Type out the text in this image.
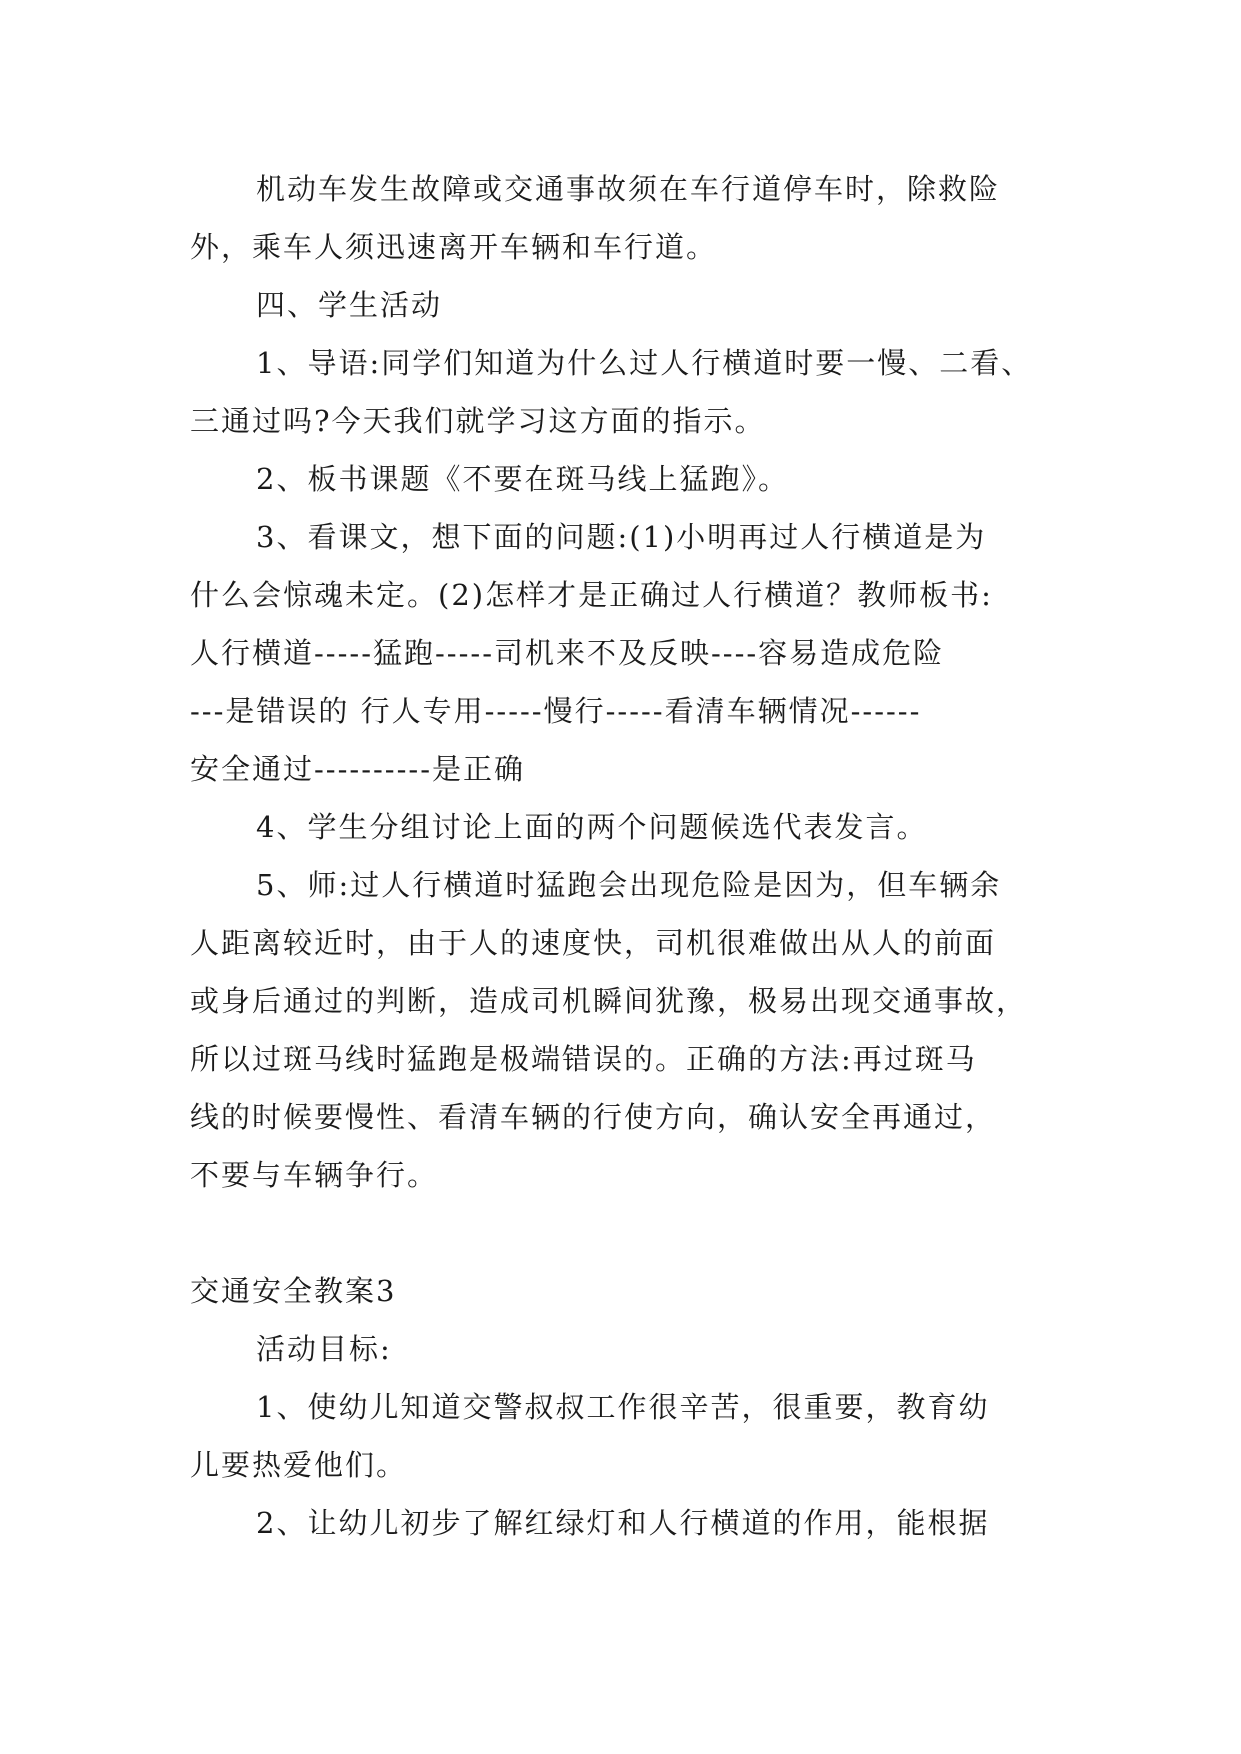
机动车发生故障或交通事故须在车行道停车时，除救险
外，乘车人须迅速离开车辆和车行道。
四、学生活动
1、导语:同学们知道为什么过人行横道时要一慢、二看、
三通过吗?今天我们就学习这方面的指示。
2、板书课题《不要在斑马线上猛跑》。
3、看课文，想下面的问题:(1)小明再过人行横道是为
什么会惊魂未定。(2)怎样才是正确过人行横道？教师板书:
人行横道-----猛跑-----司机来不及反映----容易造成危险
---是错误的 行人专用-----慢行-----看清车辆情况------
安全通过----------是正确
4、学生分组讨论上面的两个问题候选代表发言。
5、师:过人行横道时猛跑会出现危险是因为，但车辆余
人距离较近时，由于人的速度快，司机很难做出从人的前面
或身后通过的判断，造成司机瞬间犹豫，极易出现交通事故，
所以过斑马线时猛跑是极端错误的。正确的方法:再过斑马
线的时候要慢性、看清车辆的行使方向，确认安全再通过，
不要与车辆争行。
交通安全教案3
活动目标:
1、使幼儿知道交警叔叔工作很辛苦，很重要，教育幼
儿要热爱他们。
2、让幼儿初步了解红绿灯和人行横道的作用，能根据
